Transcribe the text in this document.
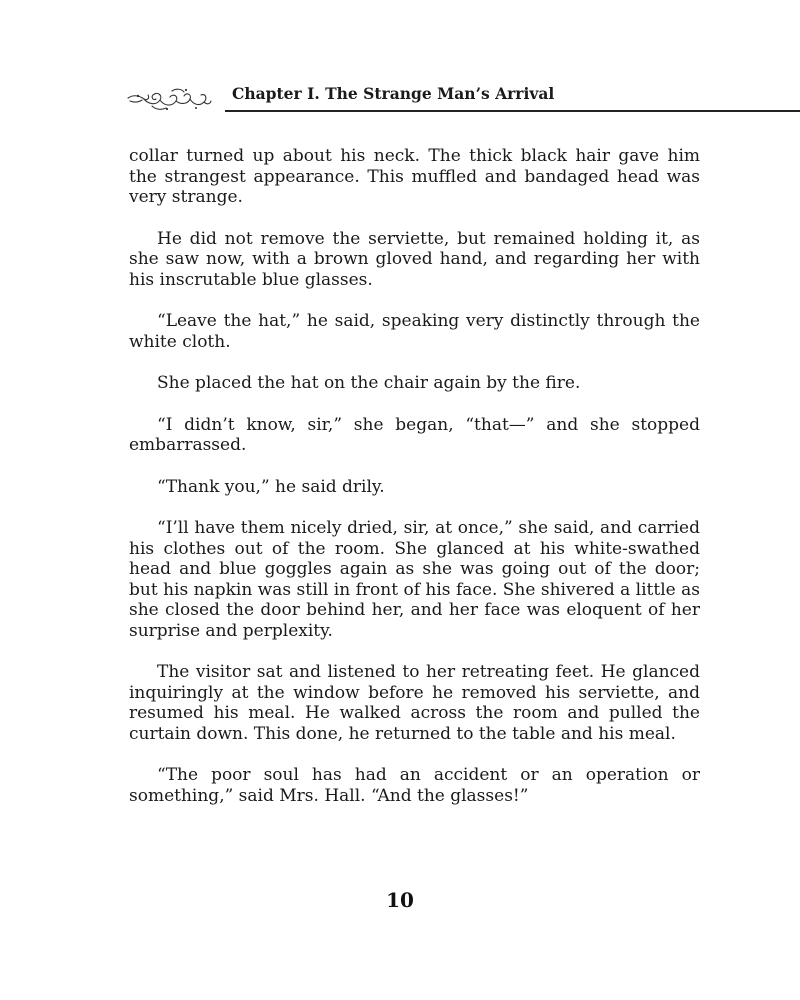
Chapter I. The Strange Man’s Arrival

collar turned up about his neck. The thick black hair gave him the strangest appearance. This muffled and bandaged head was very strange.

He did not remove the serviette, but remained holding it, as she saw now, with a brown gloved hand, and regarding her with his inscrutable blue glasses.

“Leave the hat,” he said, speaking very distinctly through the white cloth.

She placed the hat on the chair again by the fire.

“I didn’t know, sir,” she began, “that—” and she stopped embarrassed.

“Thank you,” he said drily.

“I’ll have them nicely dried, sir, at once,” she said, and carried his clothes out of the room. She glanced at his white-swathed head and blue goggles again as she was going out of the door; but his napkin was still in front of his face. She shivered a little as she closed the door behind her, and her face was eloquent of her surprise and perplexity.

The visitor sat and listened to her retreating feet. He glanced inquiringly at the window before he removed his serviette, and resumed his meal. He walked across the room and pulled the curtain down. This done, he returned to the table and his meal.

“The poor soul has had an accident or an operation or something,” said Mrs. Hall. “And the glasses!”

10
